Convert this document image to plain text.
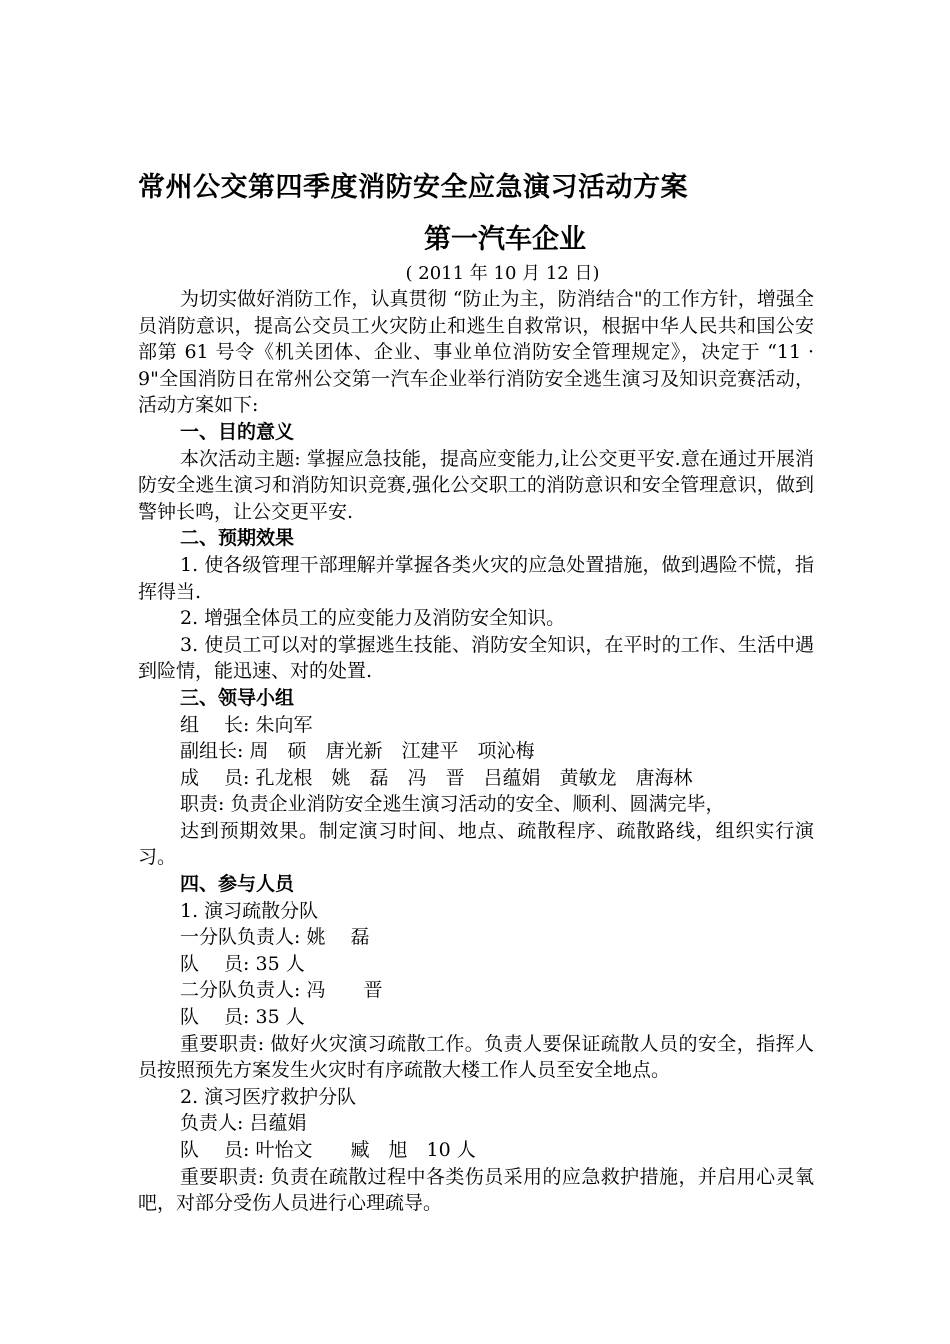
常州公交第四季度消防安全应急演习活动方案
第一汽车企业
( 2011 年 10 月 12 日)

为切实做好消防工作，认真贯彻 “防止为主，防消结合"的工作方针，增强全员消防意识，提高公交员工火灾防止和逃生自救常识，根据中华人民共和国公安部第 61 号令《机关团体、企业、事业单位消防安全管理规定》，决定于 “11 · 9"全国消防日在常州公交第一汽车企业举行消防安全逃生演习及知识竞赛活动，活动方案如下:

一、目的意义

本次活动主题: 掌握应急技能，提高应变能力,让公交更平安.意在通过开展消防安全逃生演习和消防知识竞赛,强化公交职工的消防意识和安全管理意识，做到警钟长鸣，让公交更平安.

二、预期效果

1. 使各级管理干部理解并掌握各类火灾的应急处置措施，做到遇险不慌，指挥得当.

2. 增强全体员工的应变能力及消防安全知识。

3. 使员工可以对的掌握逃生技能、消防安全知识，在平时的工作、生活中遇到险情，能迅速、对的处置.

三、领导小组

组　 长: 朱向军

副组长: 周　硕　唐光新　江建平　项沁梅

成　 员: 孔龙根　姚　磊　冯　晋　吕蕴娟　黄敏龙　唐海林

职责: 负责企业消防安全逃生演习活动的安全、顺利、圆满完毕，

达到预期效果。制定演习时间、地点、疏散程序、疏散路线，组织实行演习。

四、参与人员

1. 演习疏散分队

一分队负责人: 姚　 磊

队　 员: 35 人

二分队负责人: 冯　　晋

队　 员: 35 人

重要职责: 做好火灾演习疏散工作。负责人要保证疏散人员的安全，指挥人员按照预先方案发生火灾时有序疏散大楼工作人员至安全地点。

2. 演习医疗救护分队

负责人: 吕蕴娟

队　 员: 叶怡文　　臧　旭　10 人

重要职责: 负责在疏散过程中各类伤员采用的应急救护措施，并启用心灵氧吧，对部分受伤人员进行心理疏导。
